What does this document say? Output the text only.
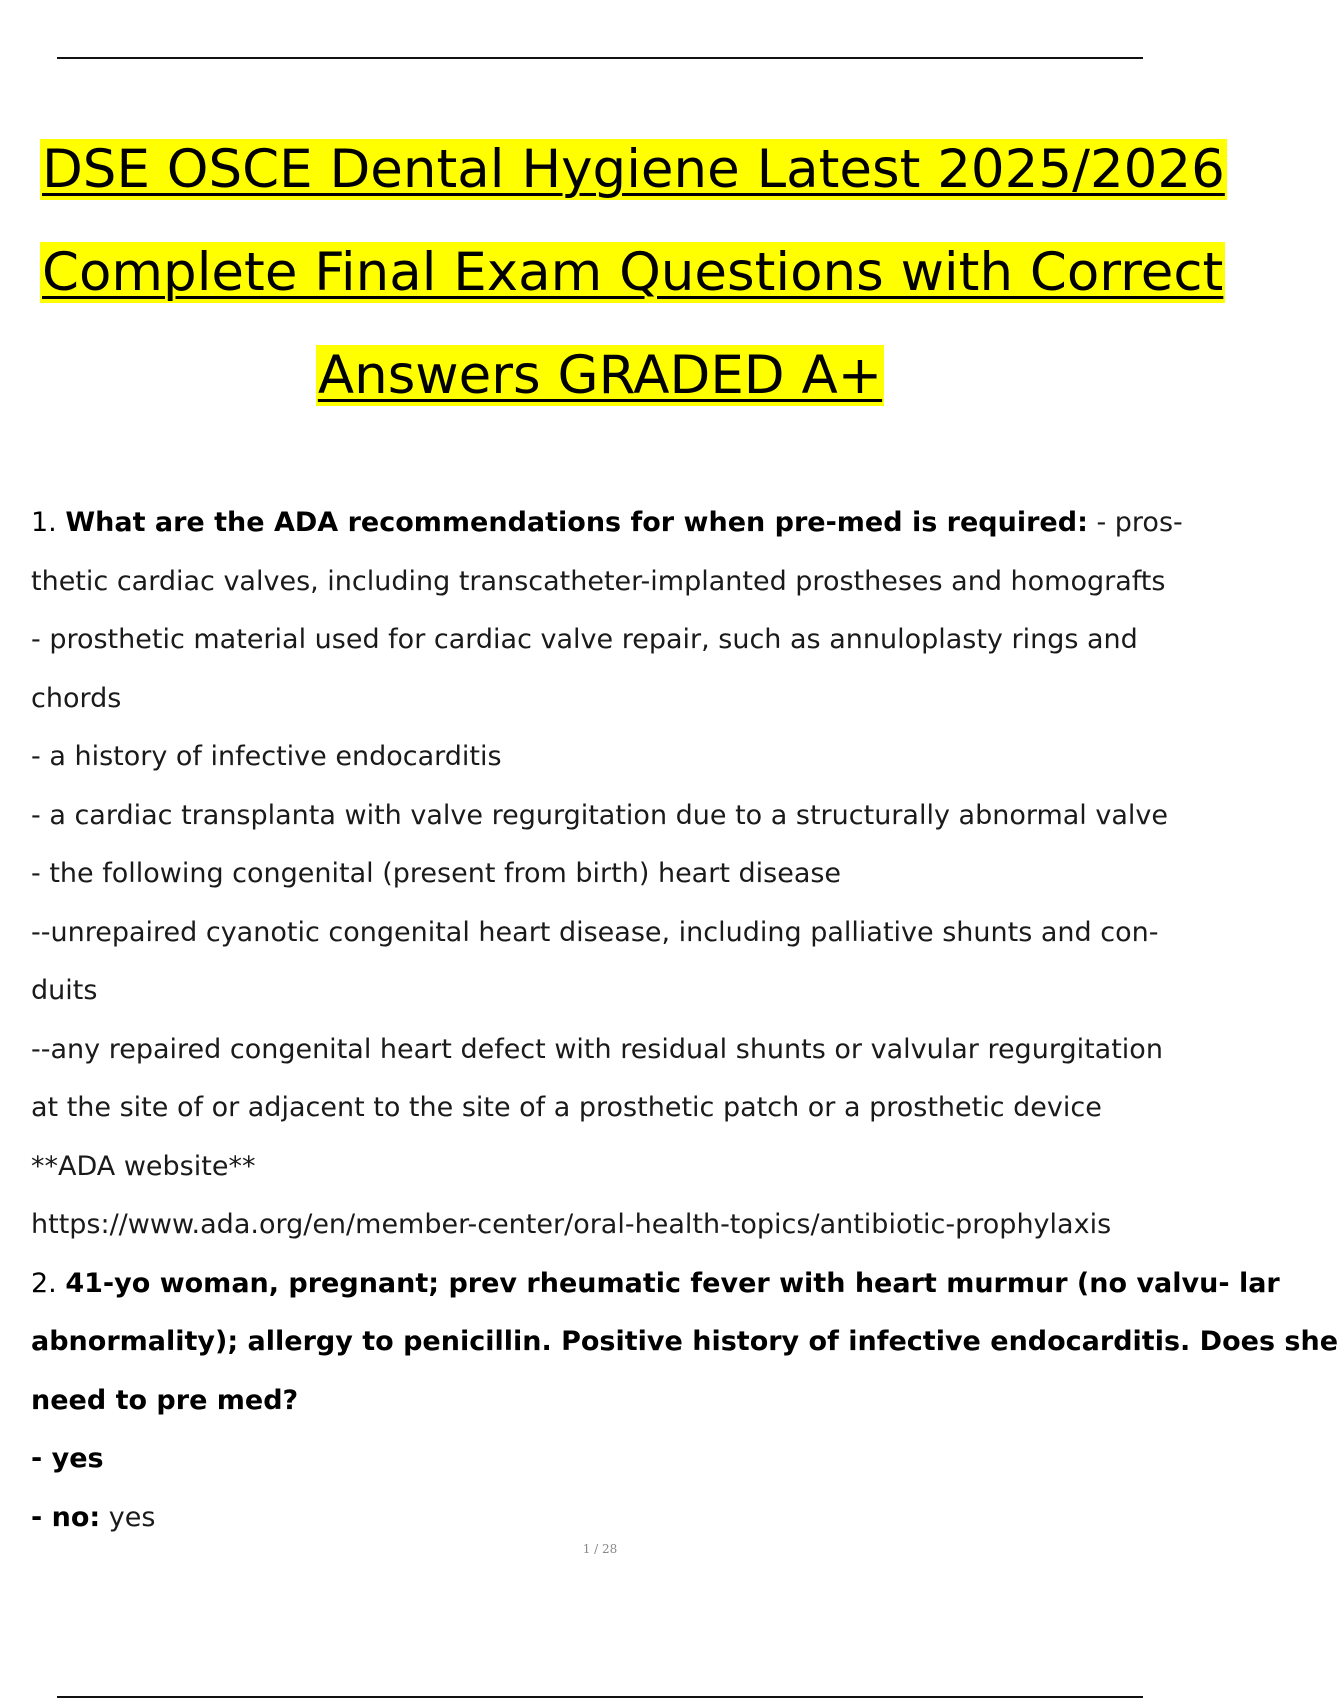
DSE OSCE Dental Hygiene Latest 2025/2026
Complete Final Exam Questions with Correct
Answers GRADED A+
1. What are the ADA recommendations for when pre-med is required: - pros-
thetic cardiac valves, including transcatheter-implanted prostheses and homografts
- prosthetic material used for cardiac valve repair, such as annuloplasty rings and
chords
- a history of infective endocarditis
- a cardiac transplanta with valve regurgitation due to a structurally abnormal valve
- the following congenital (present from birth) heart disease
--unrepaired cyanotic congenital heart disease, including palliative shunts and con-
duits
--any repaired congenital heart defect with residual shunts or valvular regurgitation
at the site of or adjacent to the site of a prosthetic patch or a prosthetic device
**ADA website**
https://www.ada.org/en/member-center/oral-health-topics/antibiotic-prophylaxis
2. 41-yo woman, pregnant; prev rheumatic fever with heart murmur (no valvu- lar
abnormality); allergy to penicillin. Positive history of infective endocarditis. Does she
need to pre med?
- yes
- no: yes
1 / 28
